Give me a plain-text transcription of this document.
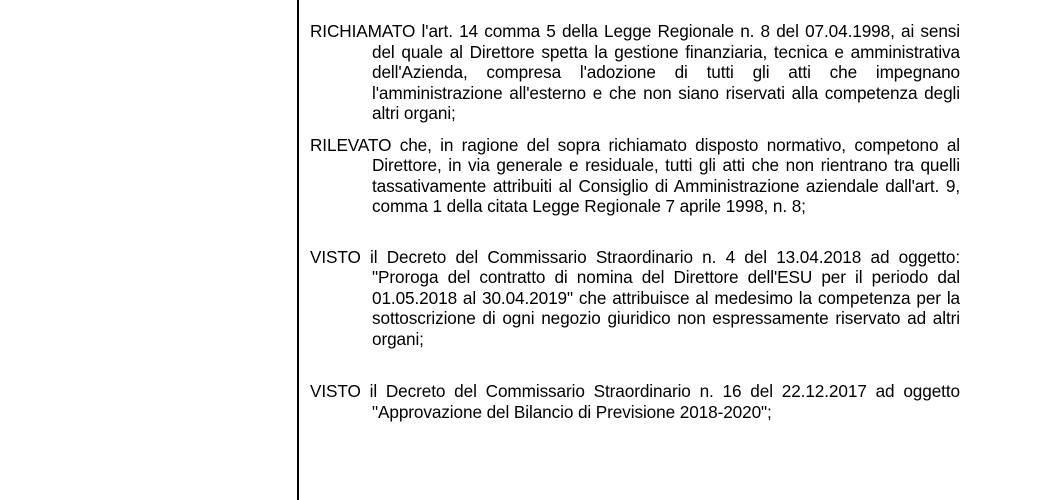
RICHIAMATO l'art. 14 comma 5 della Legge Regionale n. 8 del 07.04.1998, ai sensi del quale al Direttore spetta la gestione finanziaria, tecnica e amministrativa dell'Azienda, compresa l'adozione di tutti gli atti che impegnano l'amministrazione all'esterno e che non siano riservati alla competenza degli altri organi;

RILEVATO che, in ragione del sopra richiamato disposto normativo, competono al Direttore, in via generale e residuale, tutti gli atti che non rientrano tra quelli tassativamente attribuiti al Consiglio di Amministrazione aziendale dall'art. 9, comma 1 della citata Legge Regionale 7 aprile 1998, n. 8;

VISTO il Decreto del Commissario Straordinario n. 4 del 13.04.2018 ad oggetto: "Proroga del contratto di nomina del Direttore dell'ESU per il periodo dal 01.05.2018 al 30.04.2019" che attribuisce al medesimo la competenza per la sottoscrizione di ogni negozio giuridico non espressamente riservato ad altri organi;

VISTO il Decreto del Commissario Straordinario n. 16 del 22.12.2017 ad oggetto "Approvazione del Bilancio di Previsione 2018-2020";
